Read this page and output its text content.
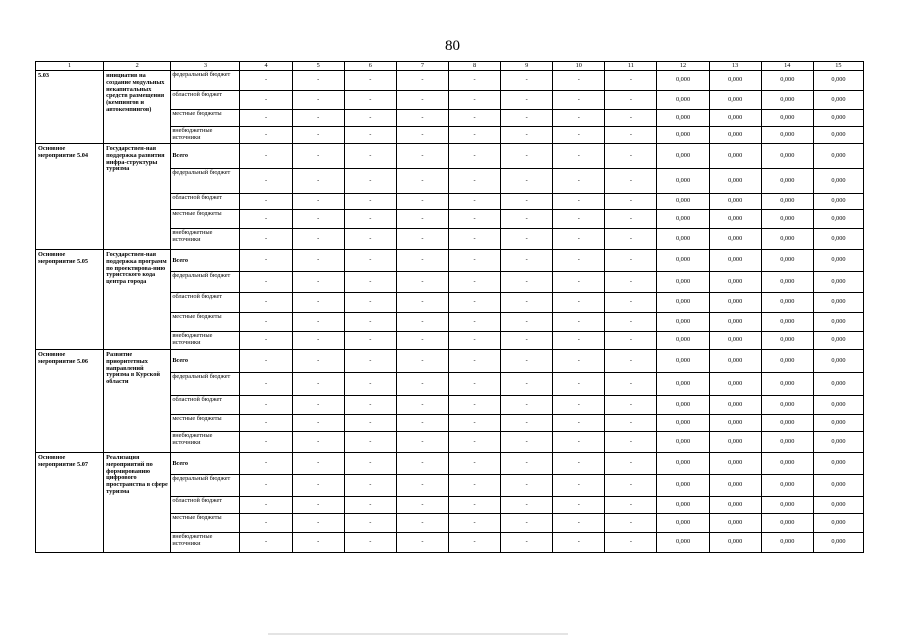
80
1	2	3	4	5	6	7	8	9	10	11	12	13	14	15
5.03	инициатив на создание модульных некапитальных средств размещения (кемпингов и автокемпингов)	федеральный бюджет	-	-	-	-	-	-	-	-	0,000	0,000	0,000	0,000
		областной бюджет	-	-	-	-	-	-	-	-	0,000	0,000	0,000	0,000
		местные бюджеты	-	-	-	-	-	-	-	-	0,000	0,000	0,000	0,000
		внебюджетные источники	-	-	-	-	-	-	-	-	0,000	0,000	0,000	0,000
Основное мероприятие 5.04	Государствен-ная поддержка развития инфра-структуры туризма	Всего	-	-	-	-	-	-	-	-	0,000	0,000	0,000	0,000
		федеральный бюджет	-	-	-	-	-	-	-	-	0,000	0,000	0,000	0,000
		областной бюджет	-	-	-	-	-	-	-	-	0,000	0,000	0,000	0,000
		местные бюджеты	-	-	-	-	-	-	-	-	0,000	0,000	0,000	0,000
		внебюджетные источники	-	-	-	-	-	-	-	-	0,000	0,000	0,000	0,000
Основное мероприятие 5.05	Государствен-ная поддержка программ по проектирова-нию туристского кода центра города	Всего	-	-	-	-	-	-	-	-	0,000	0,000	0,000	0,000
		федеральный бюджет	-	-	-	-	-	-	-	-	0,000	0,000	0,000	0,000
		областной бюджет	-	-	-	-	-	-	-	-	0,000	0,000	0,000	0,000
		местные бюджеты	-	-	-	-	-	-	-	-	0,000	0,000	0,000	0,000
		внебюджетные источники	-	-	-	-	-	-	-	-	0,000	0,000	0,000	0,000
Основное мероприятие 5.06	Развитие приоритетных направлений туризма в Курской области	Всего	-	-	-	-	-	-	-	-	0,000	0,000	0,000	0,000
		федеральный бюджет	-	-	-	-	-	-	-	-	0,000	0,000	0,000	0,000
		областной бюджет	-	-	-	-	-	-	-	-	0,000	0,000	0,000	0,000
		местные бюджеты	-	-	-	-	-	-	-	-	0,000	0,000	0,000	0,000
		внебюджетные источники	-	-	-	-	-	-	-	-	0,000	0,000	0,000	0,000
Основное мероприятие 5.07	Реализация мероприятий по формированию цифрового пространства в сфере туризма	Всего	-	-	-	-	-	-	-	-	0,000	0,000	0,000	0,000
		федеральный бюджет	-	-	-	-	-	-	-	-	0,000	0,000	0,000	0,000
		областной бюджет	-	-	-	-	-	-	-	-	0,000	0,000	0,000	0,000
		местные бюджеты	-	-	-	-	-	-	-	-	0,000	0,000	0,000	0,000
		внебюджетные источники	-	-	-	-	-	-	-	-	0,000	0,000	0,000	0,000
